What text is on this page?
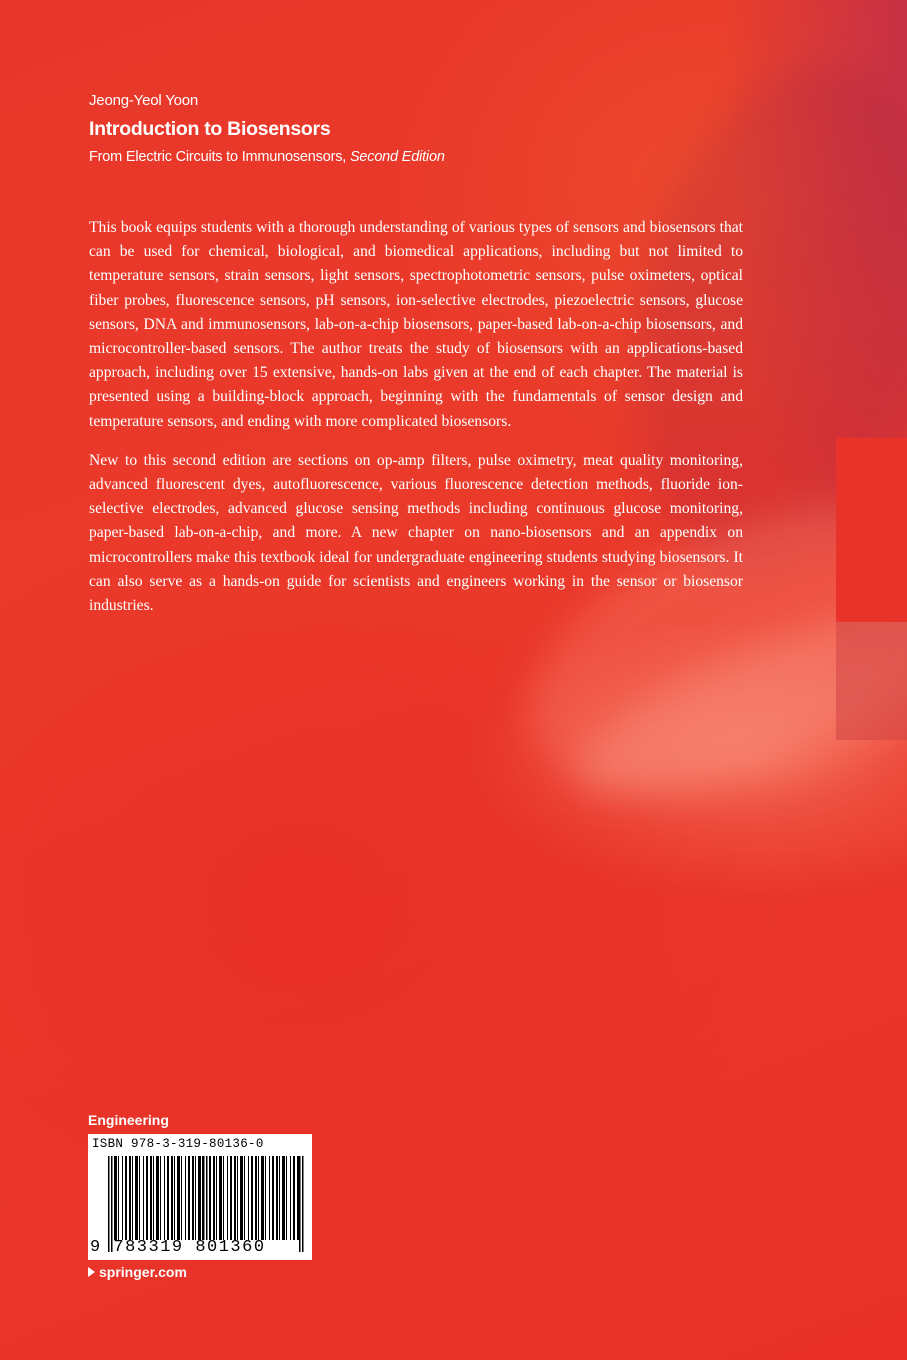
Jeong-Yeol Yoon
Introduction to Biosensors
From Electric Circuits to Immunosensors, Second Edition

This book equips students with a thorough understanding of various types of sensors and biosensors that can be used for chemical, biological, and biomedical applications, including but not limited to temperature sensors, strain sensors, light sensors, spectrophotometric sensors, pulse oximeters, optical fiber probes, fluorescence sensors, pH sensors, ion-selective electrodes, piezoelectric sensors, glucose sensors, DNA and immunosensors, lab-on-a-chip biosensors, paper-based lab-on-a-chip biosensors, and microcontroller-based sensors. The author treats the study of biosensors with an applications-based approach, including over 15 extensive, hands-on labs given at the end of each chapter. The material is presented using a building-block approach, beginning with the fundamentals of sensor design and temperature sensors, and ending with more complicated biosensors.

New to this second edition are sections on op-amp filters, pulse oximetry, meat quality monitoring, advanced fluorescent dyes, autofluorescence, various fluorescence detection methods, fluoride ion-selective electrodes, advanced glucose sensing methods including continuous glucose monitoring, paper-based lab-on-a-chip, and more. A new chapter on nano-biosensors and an appendix on microcontrollers make this textbook ideal for undergraduate engineering students studying biosensors. It can also serve as a hands-on guide for scientists and engineers working in the sensor or biosensor industries.

Engineering
ISBN 978-3-319-80136-0
9 783319 801360
springer.com
